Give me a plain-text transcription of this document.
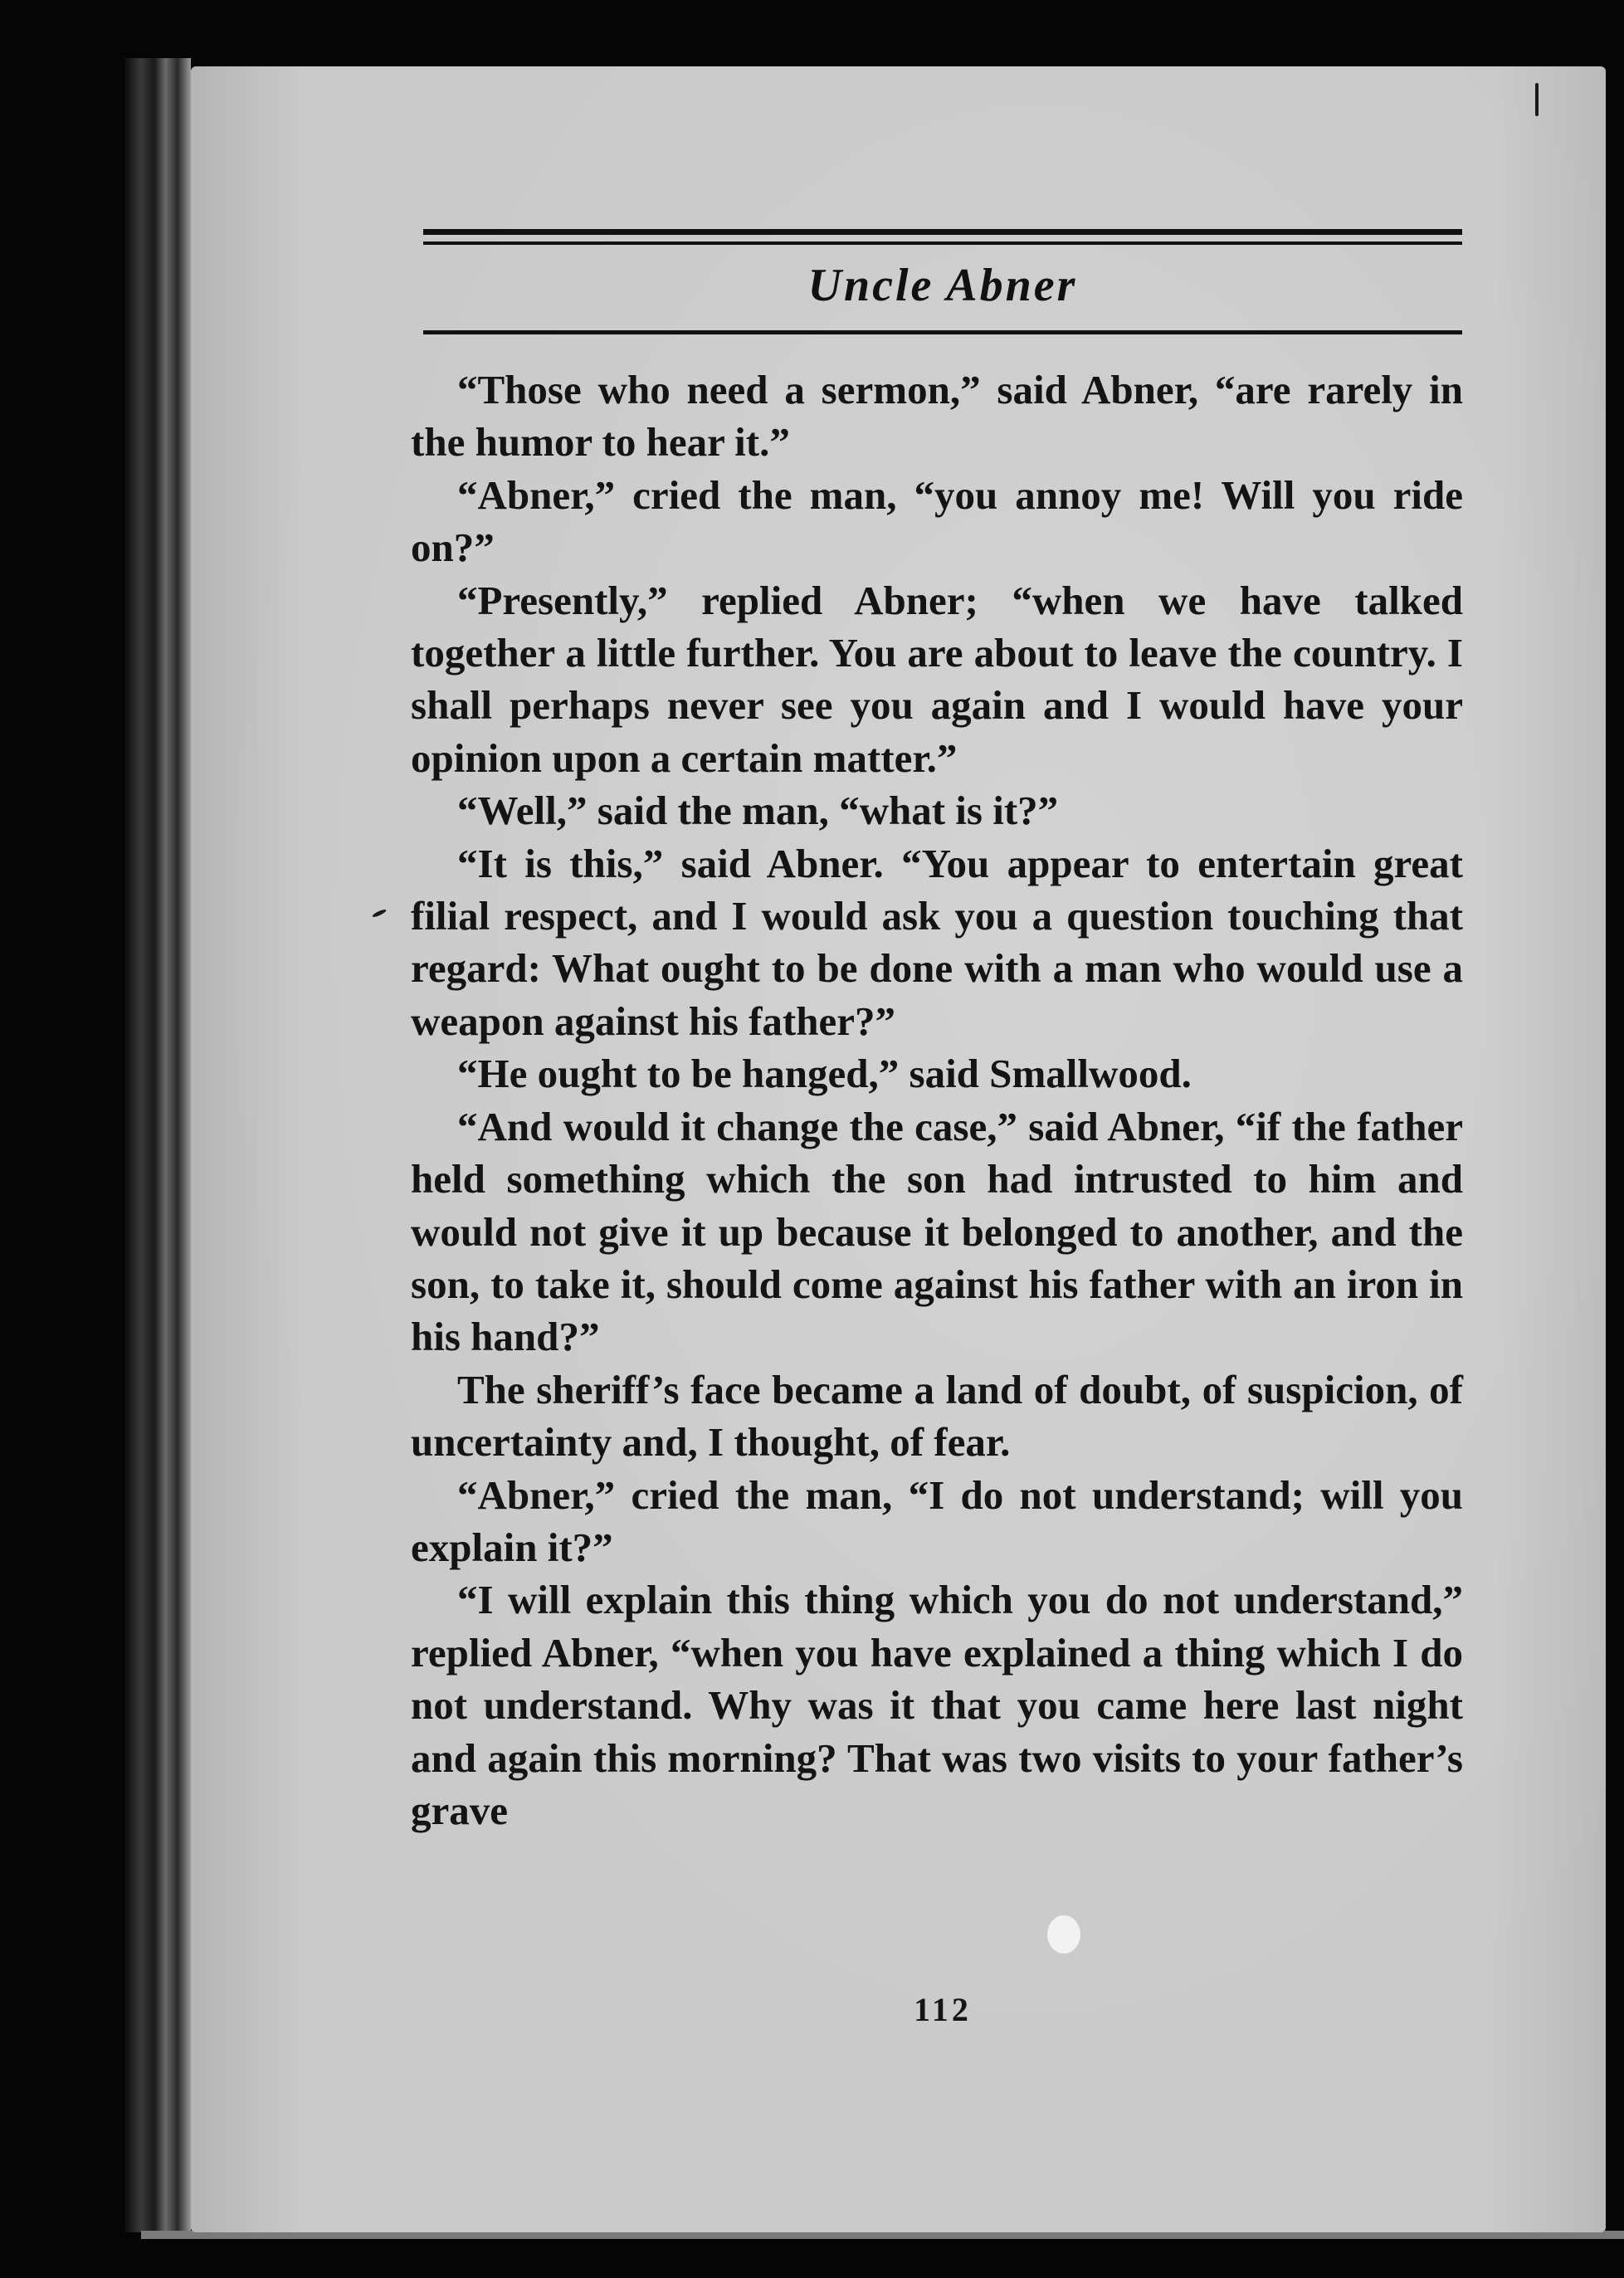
Uncle Abner

“Those who need a sermon,” said Abner, “are rarely in the humor to hear it.”

“Abner,” cried the man, “you annoy me! Will you ride on?”

“Presently,” replied Abner; “when we have talked together a little further. You are about to leave the country. I shall perhaps never see you again and I would have your opinion upon a certain matter.”

“Well,” said the man, “what is it?”

“It is this,” said Abner. “You appear to entertain great filial respect, and I would ask you a question touching that regard: What ought to be done with a man who would use a weapon against his father?”

“He ought to be hanged,” said Smallwood.

“And would it change the case,” said Abner, “if the father held something which the son had intrusted to him and would not give it up because it belonged to another, and the son, to take it, should come against his father with an iron in his hand?”

The sheriff’s face became a land of doubt, of suspicion, of uncertainty and, I thought, of fear.

“Abner,” cried the man, “I do not understand; will you explain it?”

“I will explain this thing which you do not understand,” replied Abner, “when you have explained a thing which I do not understand. Why was it that you came here last night and again this morning? That was two visits to your father’s grave

112
